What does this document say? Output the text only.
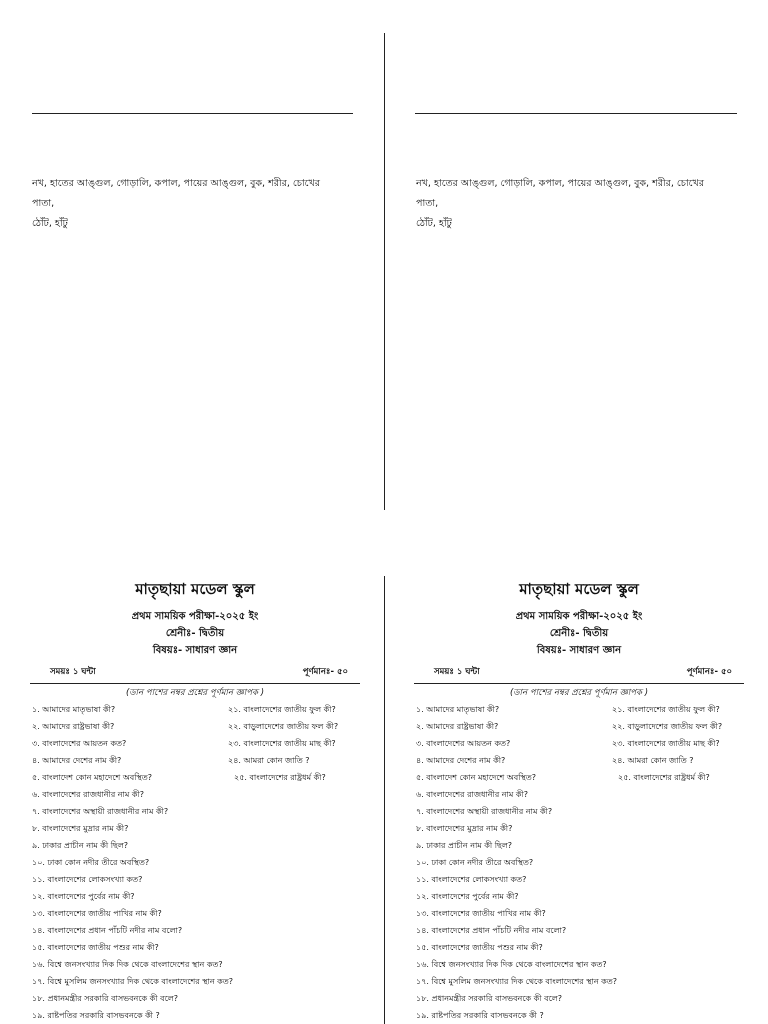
নখ, হাতের আঙ্গুল, গোড়ালি, কপাল, পায়ের আঙ্গুল, বুক, শরীর, চোখের পাতা,
ঠোঁট, হাঁটু
নখ, হাতের আঙ্গুল, গোড়ালি, কপাল, পায়ের আঙ্গুল, বুক, শরীর, চোখের পাতা,
ঠোঁট, হাঁটু
মাতৃছায়া মডেল স্কুল
প্রথম সাময়িক পরীক্ষা-২০২৫ ইং
শ্রেনীঃ- দ্বিতীয়
বিষয়ঃ- সাধারণ জ্ঞান
সময়ঃ ১ ঘন্টা	পূর্ণমানঃ- ৫০
(ডান পাশের নম্বর প্রশ্নের পূর্ণমান জ্ঞাপক )
১. আমাদের মাতৃভাষা কী?
২. আমাদের রাষ্ট্রভাষা কী?
৩. বাংলাদেশের আয়তন কত?
৪. আমাদের দেশের নাম কী?
৫. বাংলাদেশ কোন মহাদেশে অবস্থিত?
৬. বাংলাদেশের রাজধানীর নাম কী?
৭. বাংলাদেশের অস্থায়ী রাজধানীর নাম কী?
৮. বাংলাদেশের মুদ্রার নাম কী?
৯. ঢাকার প্রাচীন নাম কী ছিল?
১০. ঢাকা কোন নদীর তীরে অবস্থিত?
১১. বাংলাদেশের লোকসংখ্যা কত?
১২. বাংলাদেশের পুর্বের নাম কী?
১৩. বাংলাদেশের জাতীয় পাখির নাম কী?
১৪. বাংলাদেশের প্রধান পাঁচটি নদীর নাম বলো?
১৫. বাংলাদেশের জাতীয় পশুর নাম কী?
১৬. বিশ্বে জনসংখ্যার দিক দিক থেকে বাংলাদেশের স্থান কত?
১৭. বিশ্বে মুসলিম জনসংখ্যার দিক থেকে বাংলাদেশের স্থান কত?
১৮. প্রধানমন্ত্রীর সরকারি বাসভবনকে কী বলে?
১৯. রাষ্টপতির সরকারি বাসভবনকে কী ?
২১. বাংলাদেশের জাতীয় ফুল কী?
২২. বাড়ুলাদেশের জাতীয় ফল কী?
২৩. বাংলাদেশের জাতীয় মাছ কী?
২৪. আমরা কোন জাতি ?
২৫. বাংলাদেশের রাষ্ট্রধর্ম কী?
মাতৃছায়া মডেল স্কুল
প্রথম সাময়িক পরীক্ষা-২০২৫ ইং
শ্রেনীঃ- দ্বিতীয়
বিষয়ঃ- সাধারণ জ্ঞান
সময়ঃ ১ ঘন্টা	পূর্ণমানঃ- ৫০
(ডান পাশের নম্বর প্রশ্নের পূর্ণমান জ্ঞাপক )
১. আমাদের মাতৃভাষা কী?
২. আমাদের রাষ্ট্রভাষা কী?
৩. বাংলাদেশের আয়তন কত?
৪. আমাদের দেশের নাম কী?
৫. বাংলাদেশ কোন মহাদেশে অবস্থিত?
৬. বাংলাদেশের রাজধানীর নাম কী?
৭. বাংলাদেশের অস্থায়ী রাজধানীর নাম কী?
৮. বাংলাদেশের মুদ্রার নাম কী?
৯. ঢাকার প্রাচীন নাম কী ছিল?
১০. ঢাকা কোন নদীর তীরে অবস্থিত?
১১. বাংলাদেশের লোকসংখ্যা কত?
১২. বাংলাদেশের পুর্বের নাম কী?
১৩. বাংলাদেশের জাতীয় পাখির নাম কী?
১৪. বাংলাদেশের প্রধান পাঁচটি নদীর নাম বলো?
১৫. বাংলাদেশের জাতীয় পশুর নাম কী?
১৬. বিশ্বে জনসংখ্যার দিক দিক থেকে বাংলাদেশের স্থান কত?
১৭. বিশ্বে মুসলিম জনসংখ্যার দিক থেকে বাংলাদেশের স্থান কত?
১৮. প্রধানমন্ত্রীর সরকারি বাসভবনকে কী বলে?
১৯. রাষ্টপতির সরকারি বাসভবনকে কী ?
২১. বাংলাদেশের জাতীয় ফুল কী?
২২. বাড়ুলাদেশের জাতীয় ফল কী?
২৩. বাংলাদেশের জাতীয় মাছ কী?
২৪. আমরা কোন জাতি ?
২৫. বাংলাদেশের রাষ্ট্রধর্ম কী?
